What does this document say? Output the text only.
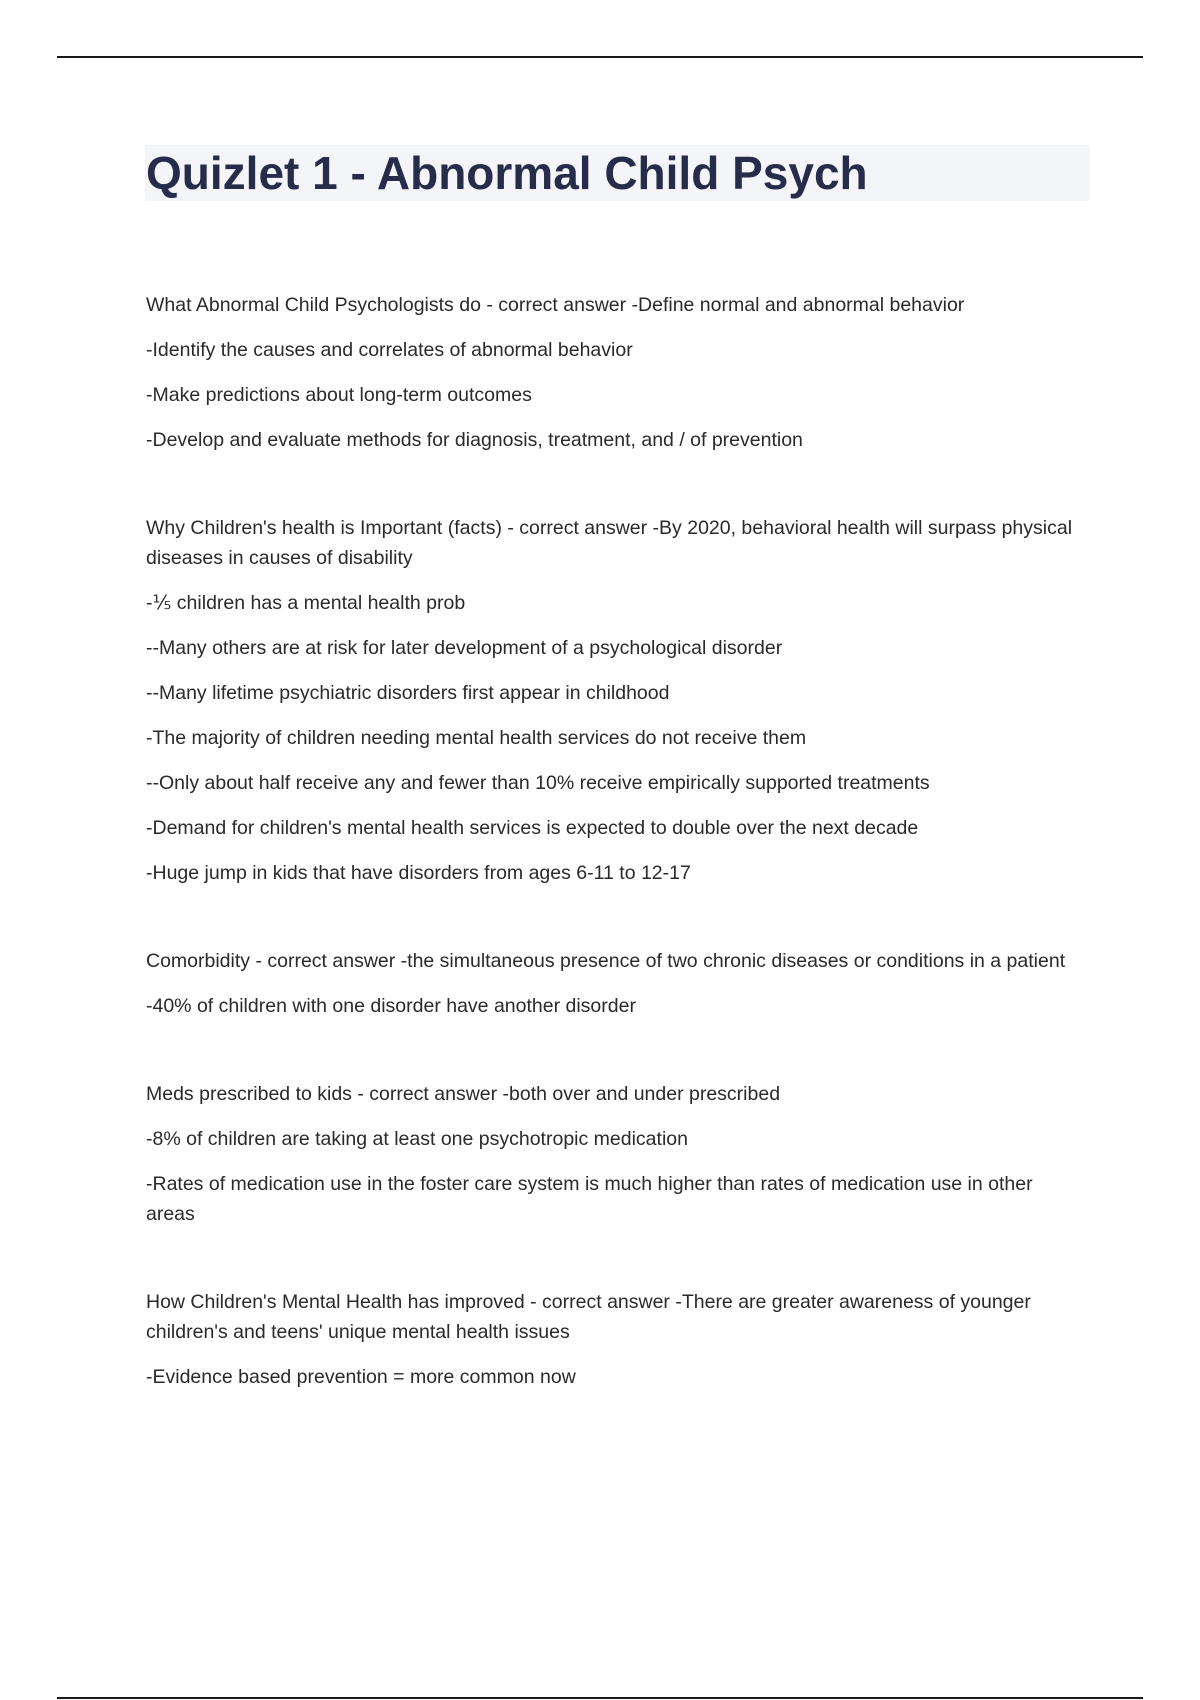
Quizlet 1 - Abnormal Child Psych

What Abnormal Child Psychologists do - correct answer -Define normal and abnormal behavior

-Identify the causes and correlates of abnormal behavior

-Make predictions about long-term outcomes

-Develop and evaluate methods for diagnosis, treatment, and / of prevention

Why Children's health is Important (facts) - correct answer -By 2020, behavioral health will surpass physical diseases in causes of disability

-⅕ children has a mental health prob

--Many others are at risk for later development of a psychological disorder

--Many lifetime psychiatric disorders first appear in childhood

-The majority of children needing mental health services do not receive them

--Only about half receive any and fewer than 10% receive empirically supported treatments

-Demand for children's mental health services is expected to double over the next decade

-Huge jump in kids that have disorders from ages 6-11 to 12-17

Comorbidity - correct answer -the simultaneous presence of two chronic diseases or conditions in a patient

-40% of children with one disorder have another disorder

Meds prescribed to kids - correct answer -both over and under prescribed

-8% of children are taking at least one psychotropic medication

-Rates of medication use in the foster care system is much higher than rates of medication use in other areas

How Children's Mental Health has improved - correct answer -There are greater awareness of younger children's and teens' unique mental health issues

-Evidence based prevention = more common now
